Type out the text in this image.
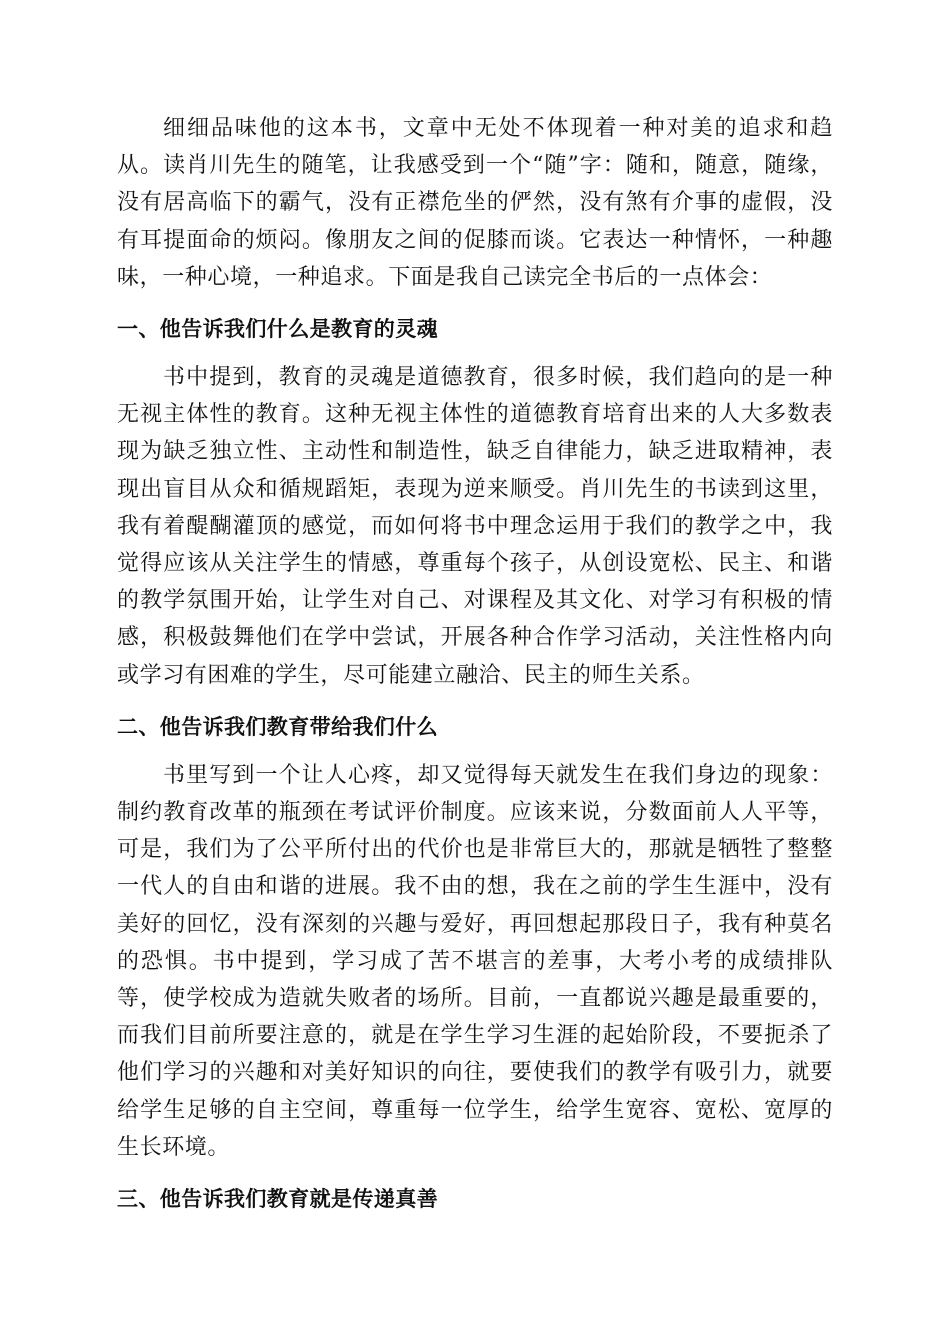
细细品味他的这本书，文章中无处不体现着一种对美的追求和趋从。读肖川先生的随笔，让我感受到一个“随”字：随和，随意，随缘，没有居高临下的霸气，没有正襟危坐的俨然，没有煞有介事的虚假，没有耳提面命的烦闷。像朋友之间的促膝而谈。它表达一种情怀，一种趣味，一种心境，一种追求。下面是我自己读完全书后的一点体会：

一、他告诉我们什么是教育的灵魂

书中提到，教育的灵魂是道德教育，很多时候，我们趋向的是一种无视主体性的教育。这种无视主体性的道德教育培育出来的人大多数表现为缺乏独立性、主动性和制造性，缺乏自律能力，缺乏进取精神，表现出盲目从众和循规蹈矩，表现为逆来顺受。肖川先生的书读到这里，我有着醍醐灌顶的感觉，而如何将书中理念运用于我们的教学之中，我觉得应该从关注学生的情感，尊重每个孩子，从创设宽松、民主、和谐的教学氛围开始，让学生对自己、对课程及其文化、对学习有积极的情感，积极鼓舞他们在学中尝试，开展各种合作学习活动，关注性格内向或学习有困难的学生，尽可能建立融洽、民主的师生关系。

二、他告诉我们教育带给我们什么

书里写到一个让人心疼，却又觉得每天就发生在我们身边的现象：制约教育改革的瓶颈在考试评价制度。应该来说，分数面前人人平等，可是，我们为了公平所付出的代价也是非常巨大的，那就是牺牲了整整一代人的自由和谐的进展。我不由的想，我在之前的学生生涯中，没有美好的回忆，没有深刻的兴趣与爱好，再回想起那段日子，我有种莫名的恐惧。书中提到，学习成了苦不堪言的差事，大考小考的成绩排队等，使学校成为造就失败者的场所。目前，一直都说兴趣是最重要的，而我们目前所要注意的，就是在学生学习生涯的起始阶段，不要扼杀了他们学习的兴趣和对美好知识的向往，要使我们的教学有吸引力，就要给学生足够的自主空间，尊重每一位学生，给学生宽容、宽松、宽厚的生长环境。

三、他告诉我们教育就是传递真善
